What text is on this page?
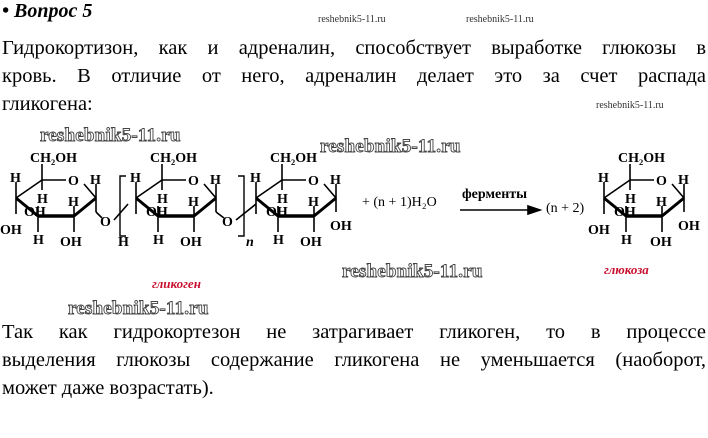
• Вопрос 5	reshebnik5-11.ru	reshebnik5-11.ru
Гидрокортизон, как и адреналин, способствует выработке глюкозы в
кровь. В отличие от него, адреналин делает это за счет распада
гликогена:	reshebnik5-11.ru
reshebnik5-11.ru
reshebnik5-11.ru
O
CH₂OH
H
H
H
H
H
OH
OH
OH
O
O
CH₂OH
H
H
H
H
H
OH
OH
H
O
n
O
CH₂OH
H
H
H
H
H
OH
OH
OH
+ (n + 1)H₂O
ферменты
(n + 2)
O
CH₂OH
H
H
H
H
H
OH
OH
OH
OH
гликоген
глюкоза
reshebnik5-11.ru
reshebnik5-11.ru
Так как гидрокортезон не затрагивает гликоген, то в процессе
выделения глюкозы содержание гликогена не уменьшается (наоборот,
может даже возрастать).
